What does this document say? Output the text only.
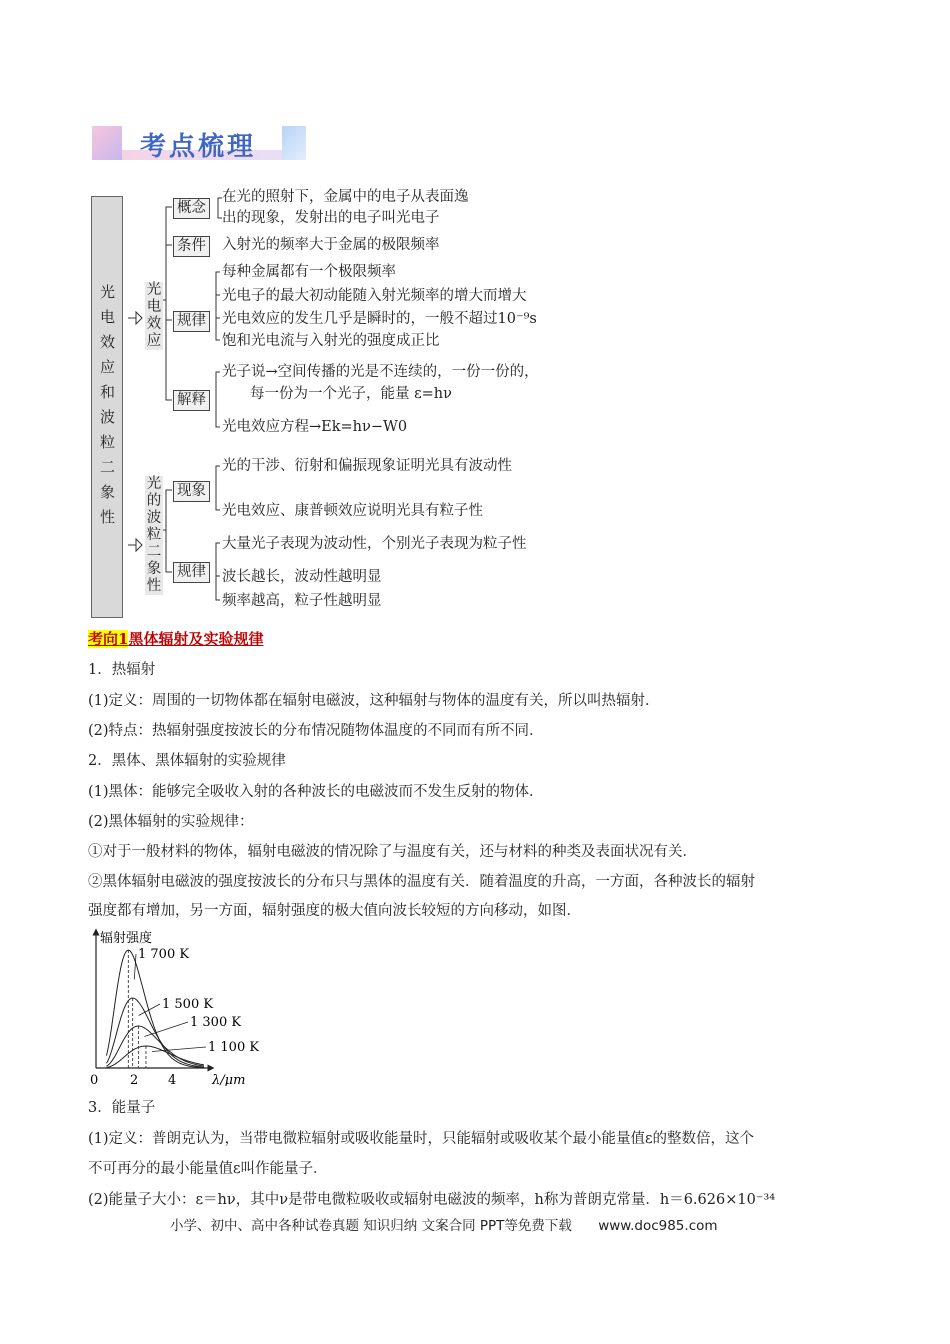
考点梳理
光电效应和波粒二象性	光电效应
光的波粒二象性
概念
条件
规律
解释
现象
规律
在光的照射下，金属中的电子从表面逸
出的现象，发射出的电子叫光电子
入射光的频率大于金属的极限频率
每种金属都有一个极限频率
光电子的最大初动能随入射光频率的增大而增大
光电效应的发生几乎是瞬时的，一般不超过10⁻⁹s
饱和光电流与入射光的强度成正比
光子说→空间传播的光是不连续的，一份一份的，
每一份为一个光子，能量 ε=hν
光电效应方程→Ek=hν−W0
光的干涉、衍射和偏振现象证明光具有波动性
光电效应、康普顿效应说明光具有粒子性
大量光子表现为波动性，个别光子表现为粒子性
波长越长，波动性越明显
频率越高，粒子性越明显
考向1黑体辐射及实验规律
1．热辐射
(1)定义：周围的一切物体都在辐射电磁波，这种辐射与物体的温度有关，所以叫热辐射．
(2)特点：热辐射强度按波长的分布情况随物体温度的不同而有所不同．
2．黑体、黑体辐射的实验规律
(1)黑体：能够完全吸收入射的各种波长的电磁波而不发生反射的物体．
(2)黑体辐射的实验规律：
①对于一般材料的物体，辐射电磁波的情况除了与温度有关，还与材料的种类及表面状况有关．
②黑体辐射电磁波的强度按波长的分布只与黑体的温度有关．随着温度的升高，一方面，各种波长的辐射
强度都有增加，另一方面，辐射强度的极大值向波长较短的方向移动，如图．
辐射强度
λ/μm
0 2 4
1 700 K
1 500 K
1 300 K
1 100 K
3．能量子
(1)定义：普朗克认为，当带电微粒辐射或吸收能量时，只能辐射或吸收某个最小能量值ε的整数倍，这个
不可再分的最小能量值ε叫作能量子．
(2)能量子大小：ε＝hν，其中ν是带电微粒吸收或辐射电磁波的频率，h称为普朗克常量．h＝6.626×10⁻³⁴
小学、初中、高中各种试卷真题 知识归纳 文案合同 PPT等免费下载 www.doc985.com
